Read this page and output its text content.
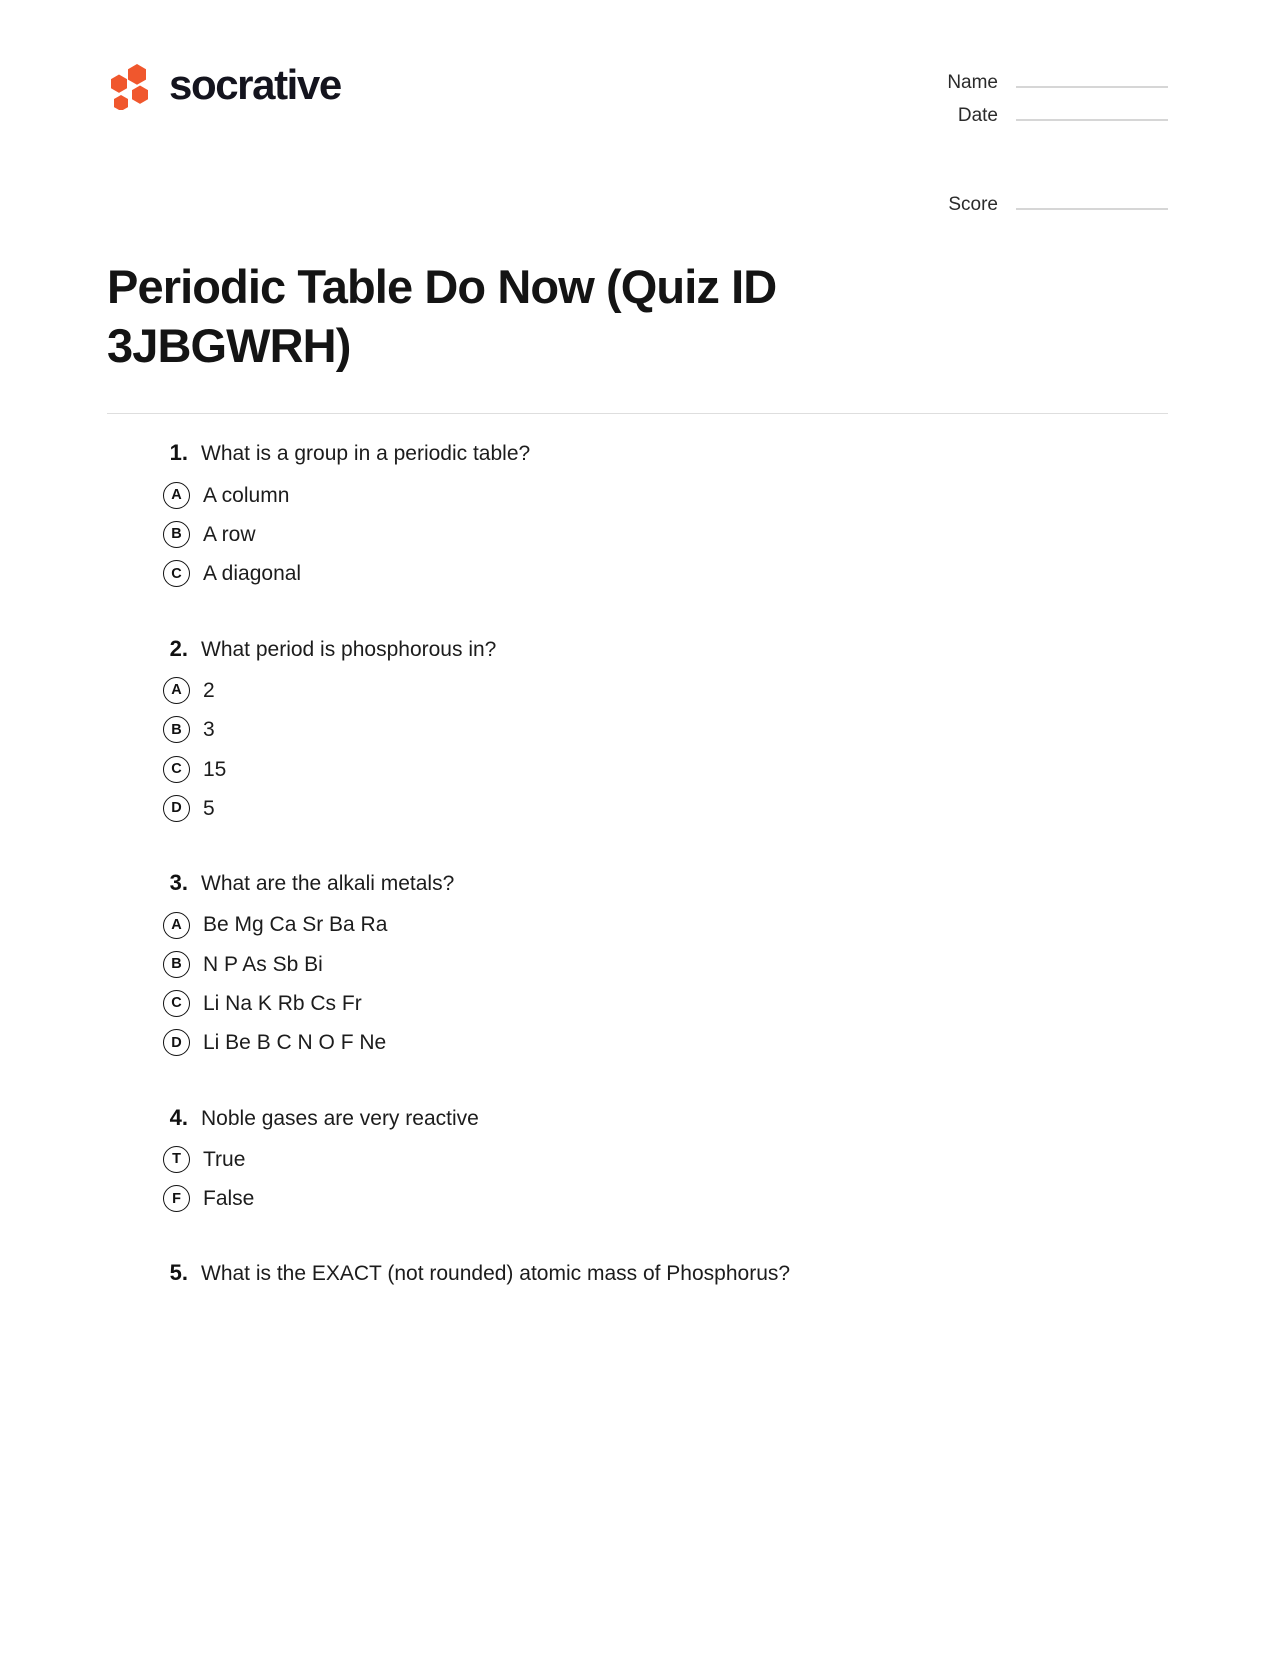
socrative	Name
Date
Score
Periodic Table Do Now (Quiz ID 3JBGWRH)
1. What is a group in a periodic table?
A	A column
B	A row
C	A diagonal
2. What period is phosphorous in?
A	2
B	3
C	15
D	5
3. What are the alkali metals?
A	Be Mg Ca Sr Ba Ra
B	N P As Sb Bi
C	Li Na K Rb Cs Fr
D	Li Be B C N O F Ne
4. Noble gases are very reactive
T	True
F	False
5. What is the EXACT (not rounded) atomic mass of Phosphorus?
